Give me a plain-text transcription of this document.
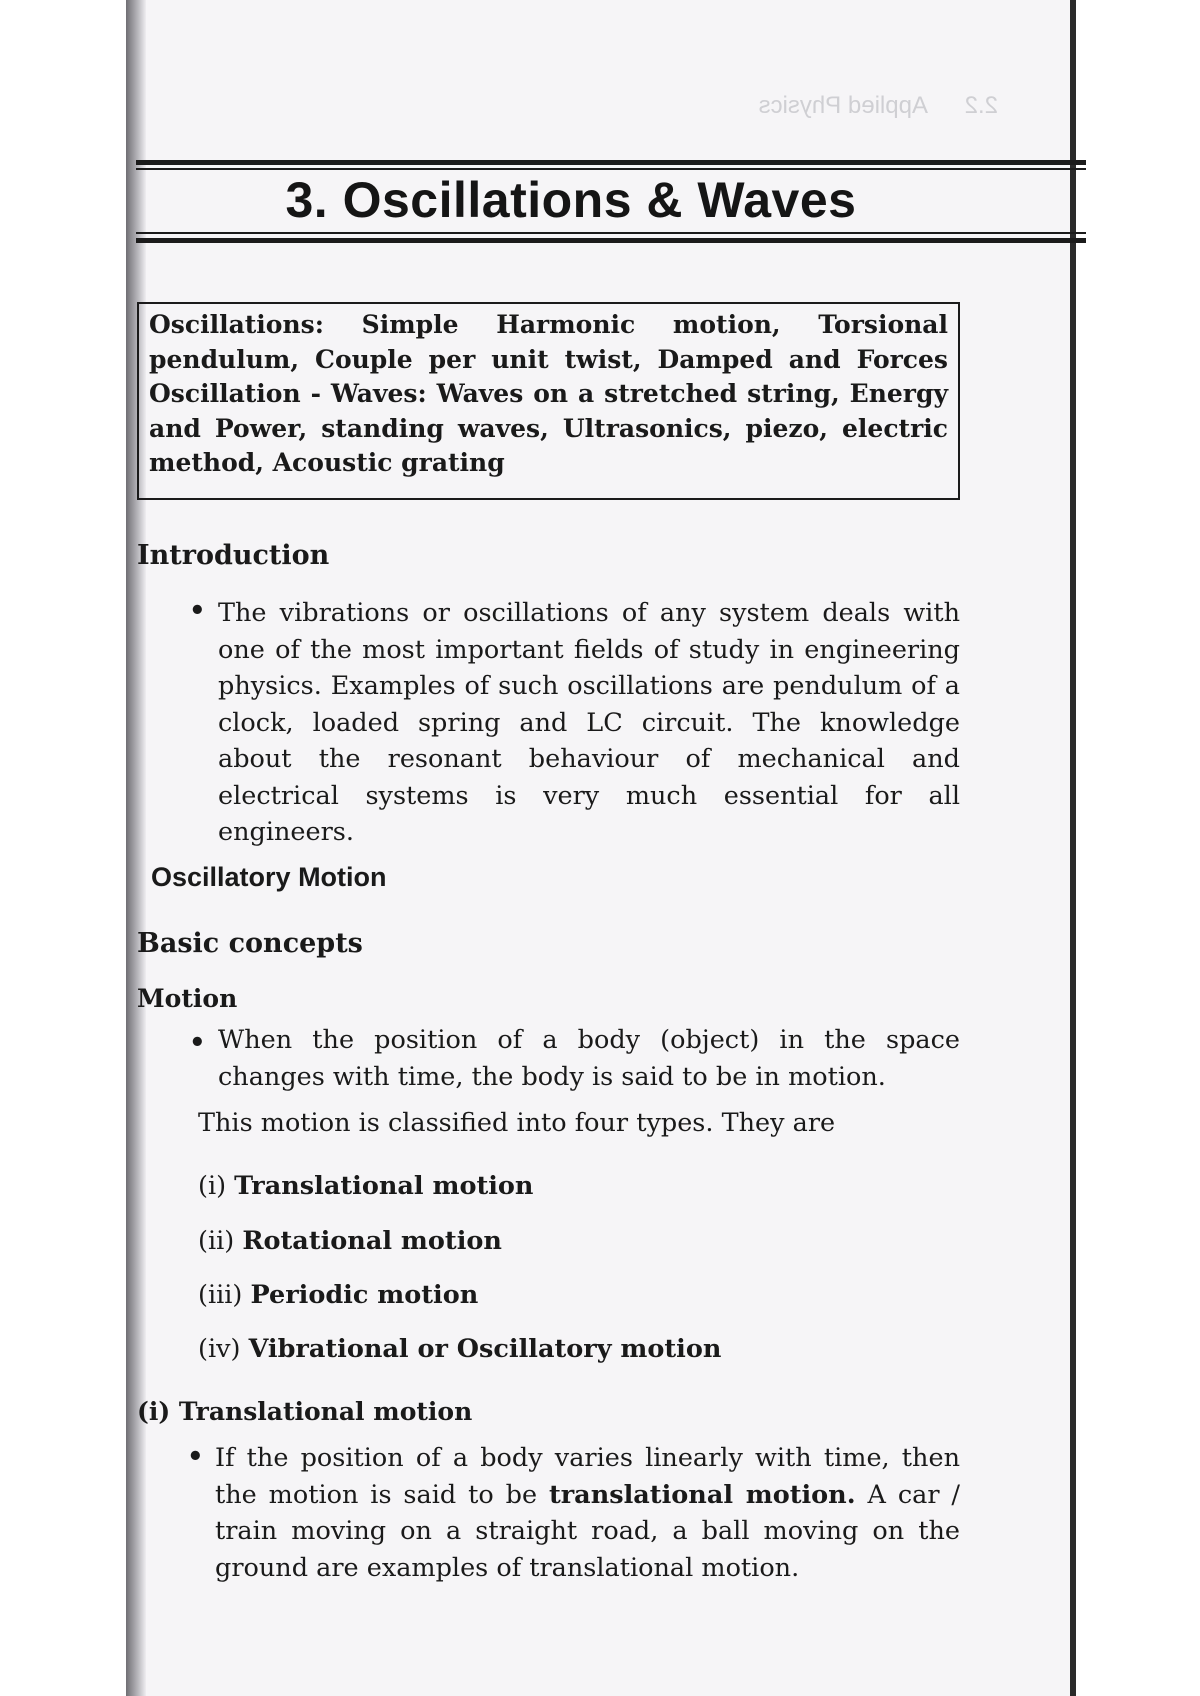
2.2
Applied Physics
3. Oscillations & Waves
Oscillations: Simple Harmonic motion, Torsional pendulum, Couple per unit twist, Damped and Forces Oscillation - Waves: Waves on a stretched string, Energy and Power, standing waves, Ultrasonics, piezo, electric method, Acoustic grating
Introduction
• The vibrations or oscillations of any system deals with one of the most important fields of study in engineering physics. Examples of such oscillations are pendulum of a clock, loaded spring and LC circuit. The knowledge about the resonant behaviour of mechanical and electrical systems is very much essential for all engineers.
Oscillatory Motion
Basic concepts
Motion
• When the position of a body (object) in the space changes with time, the body is said to be in motion.
This motion is classified into four types. They are
(i) Translational motion
(ii) Rotational motion
(iii) Periodic motion
(iv) Vibrational or Oscillatory motion
(i) Translational motion
• If the position of a body varies linearly with time, then the motion is said to be translational motion. A car / train moving on a straight road, a ball moving on the ground are examples of translational motion.
